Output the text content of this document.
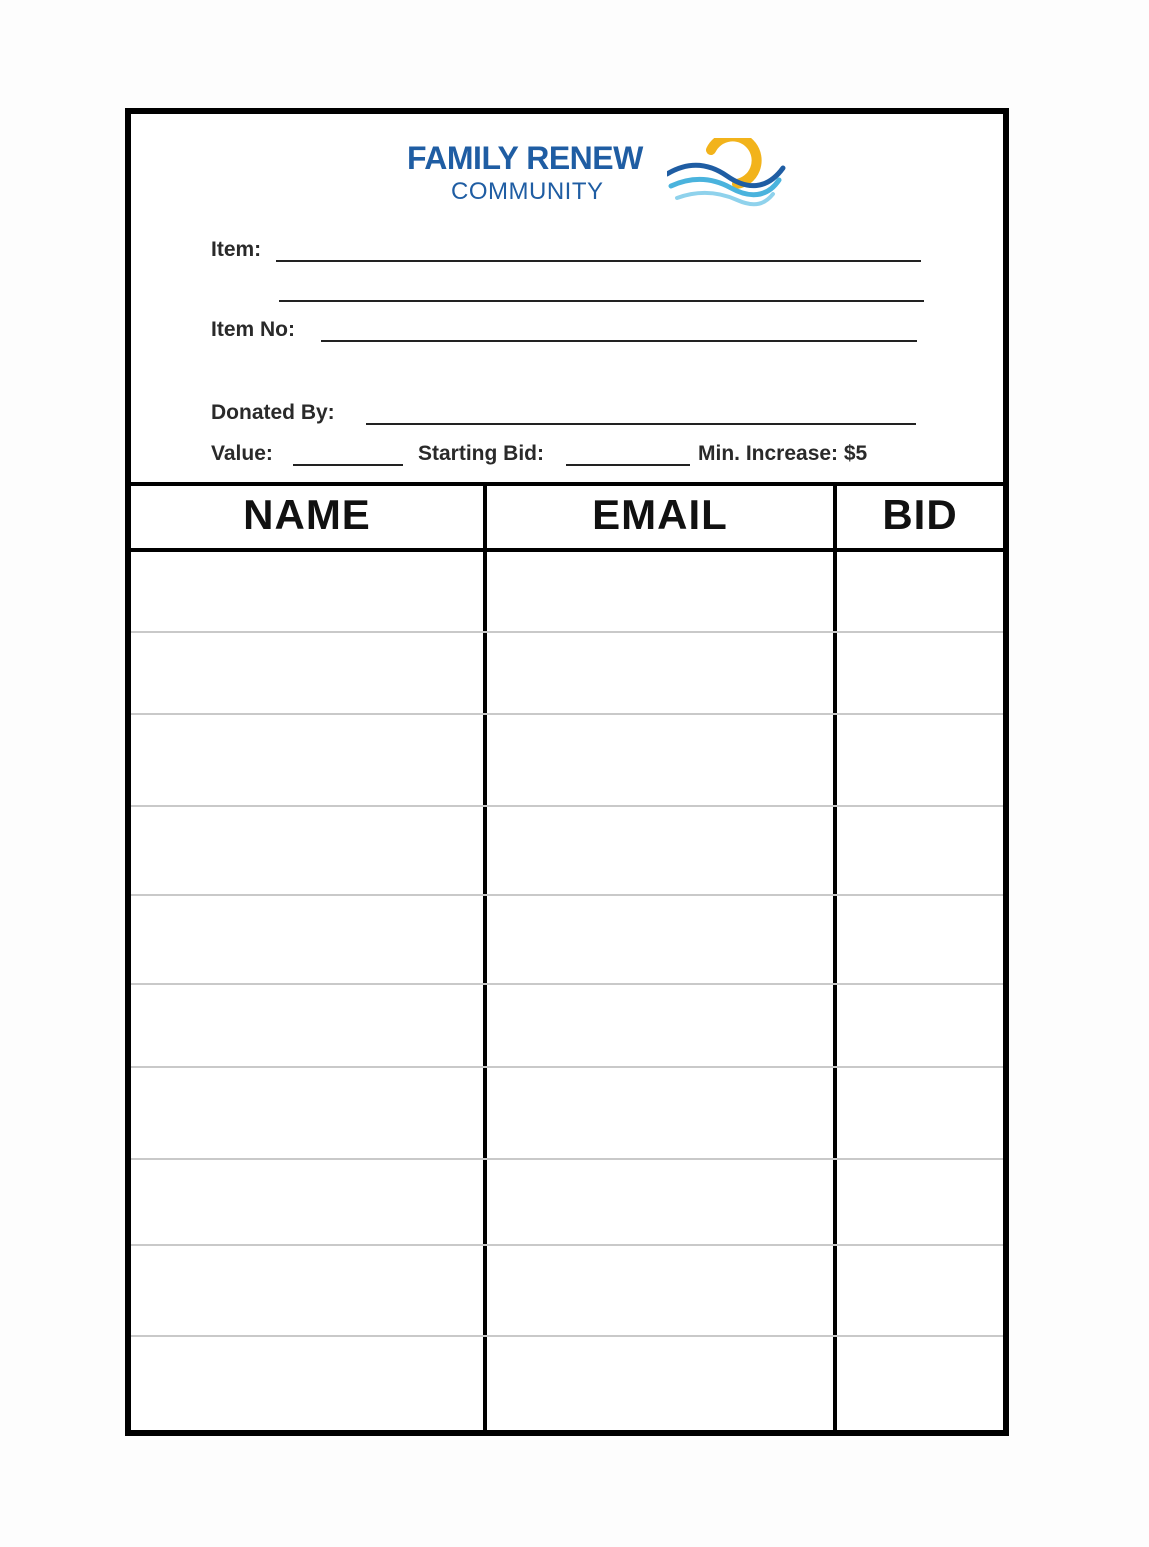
FAMILY RENEW
COMMUNITY
Item:
Item No:
Donated By:
Value:	Starting Bid:	Min. Increase: $5
NAME	EMAIL	BID
